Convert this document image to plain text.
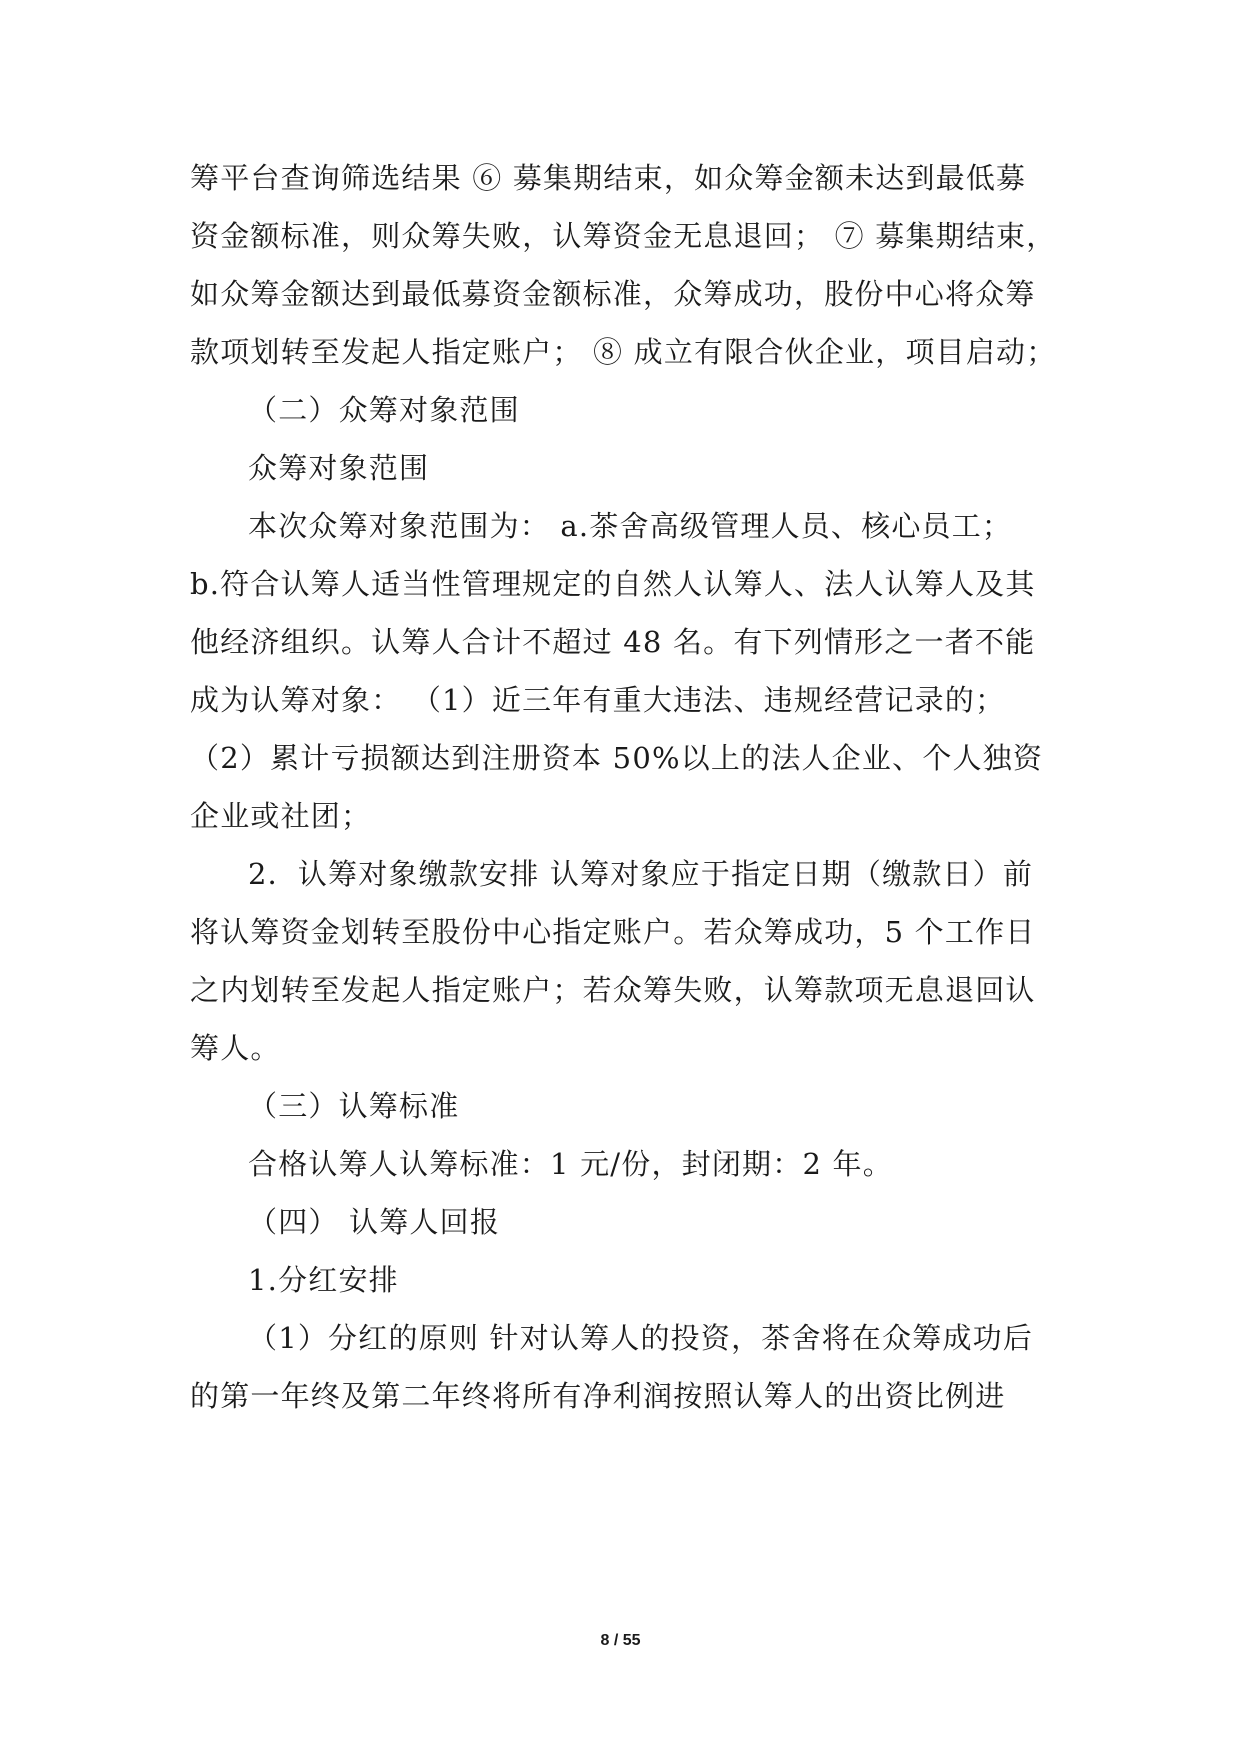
筹平台查询筛选结果 ⑥ 募集期结束，如众筹金额未达到最低募
资金额标准，则众筹失败，认筹资金无息退回； ⑦ 募集期结束，
如众筹金额达到最低募资金额标准，众筹成功，股份中心将众筹
款项划转至发起人指定账户； ⑧ 成立有限合伙企业，项目启动；
（二）众筹对象范围
众筹对象范围
本次众筹对象范围为： a.茶舍高级管理人员、核心员工；
b.符合认筹人适当性管理规定的自然人认筹人、法人认筹人及其
他经济组织。认筹人合计不超过 48 名。有下列情形之一者不能
成为认筹对象： （1）近三年有重大违法、违规经营记录的；
（2）累计亏损额达到注册资本 50%以上的法人企业、个人独资
企业或社团；
2．认筹对象缴款安排 认筹对象应于指定日期（缴款日）前
将认筹资金划转至股份中心指定账户。若众筹成功，5 个工作日
之内划转至发起人指定账户；若众筹失败，认筹款项无息退回认
筹人。
（三）认筹标准
合格认筹人认筹标准：1 元/份，封闭期：2 年。
（四） 认筹人回报
1.分红安排
（1）分红的原则 针对认筹人的投资，茶舍将在众筹成功后
的第一年终及第二年终将所有净利润按照认筹人的出资比例进
8 / 55
